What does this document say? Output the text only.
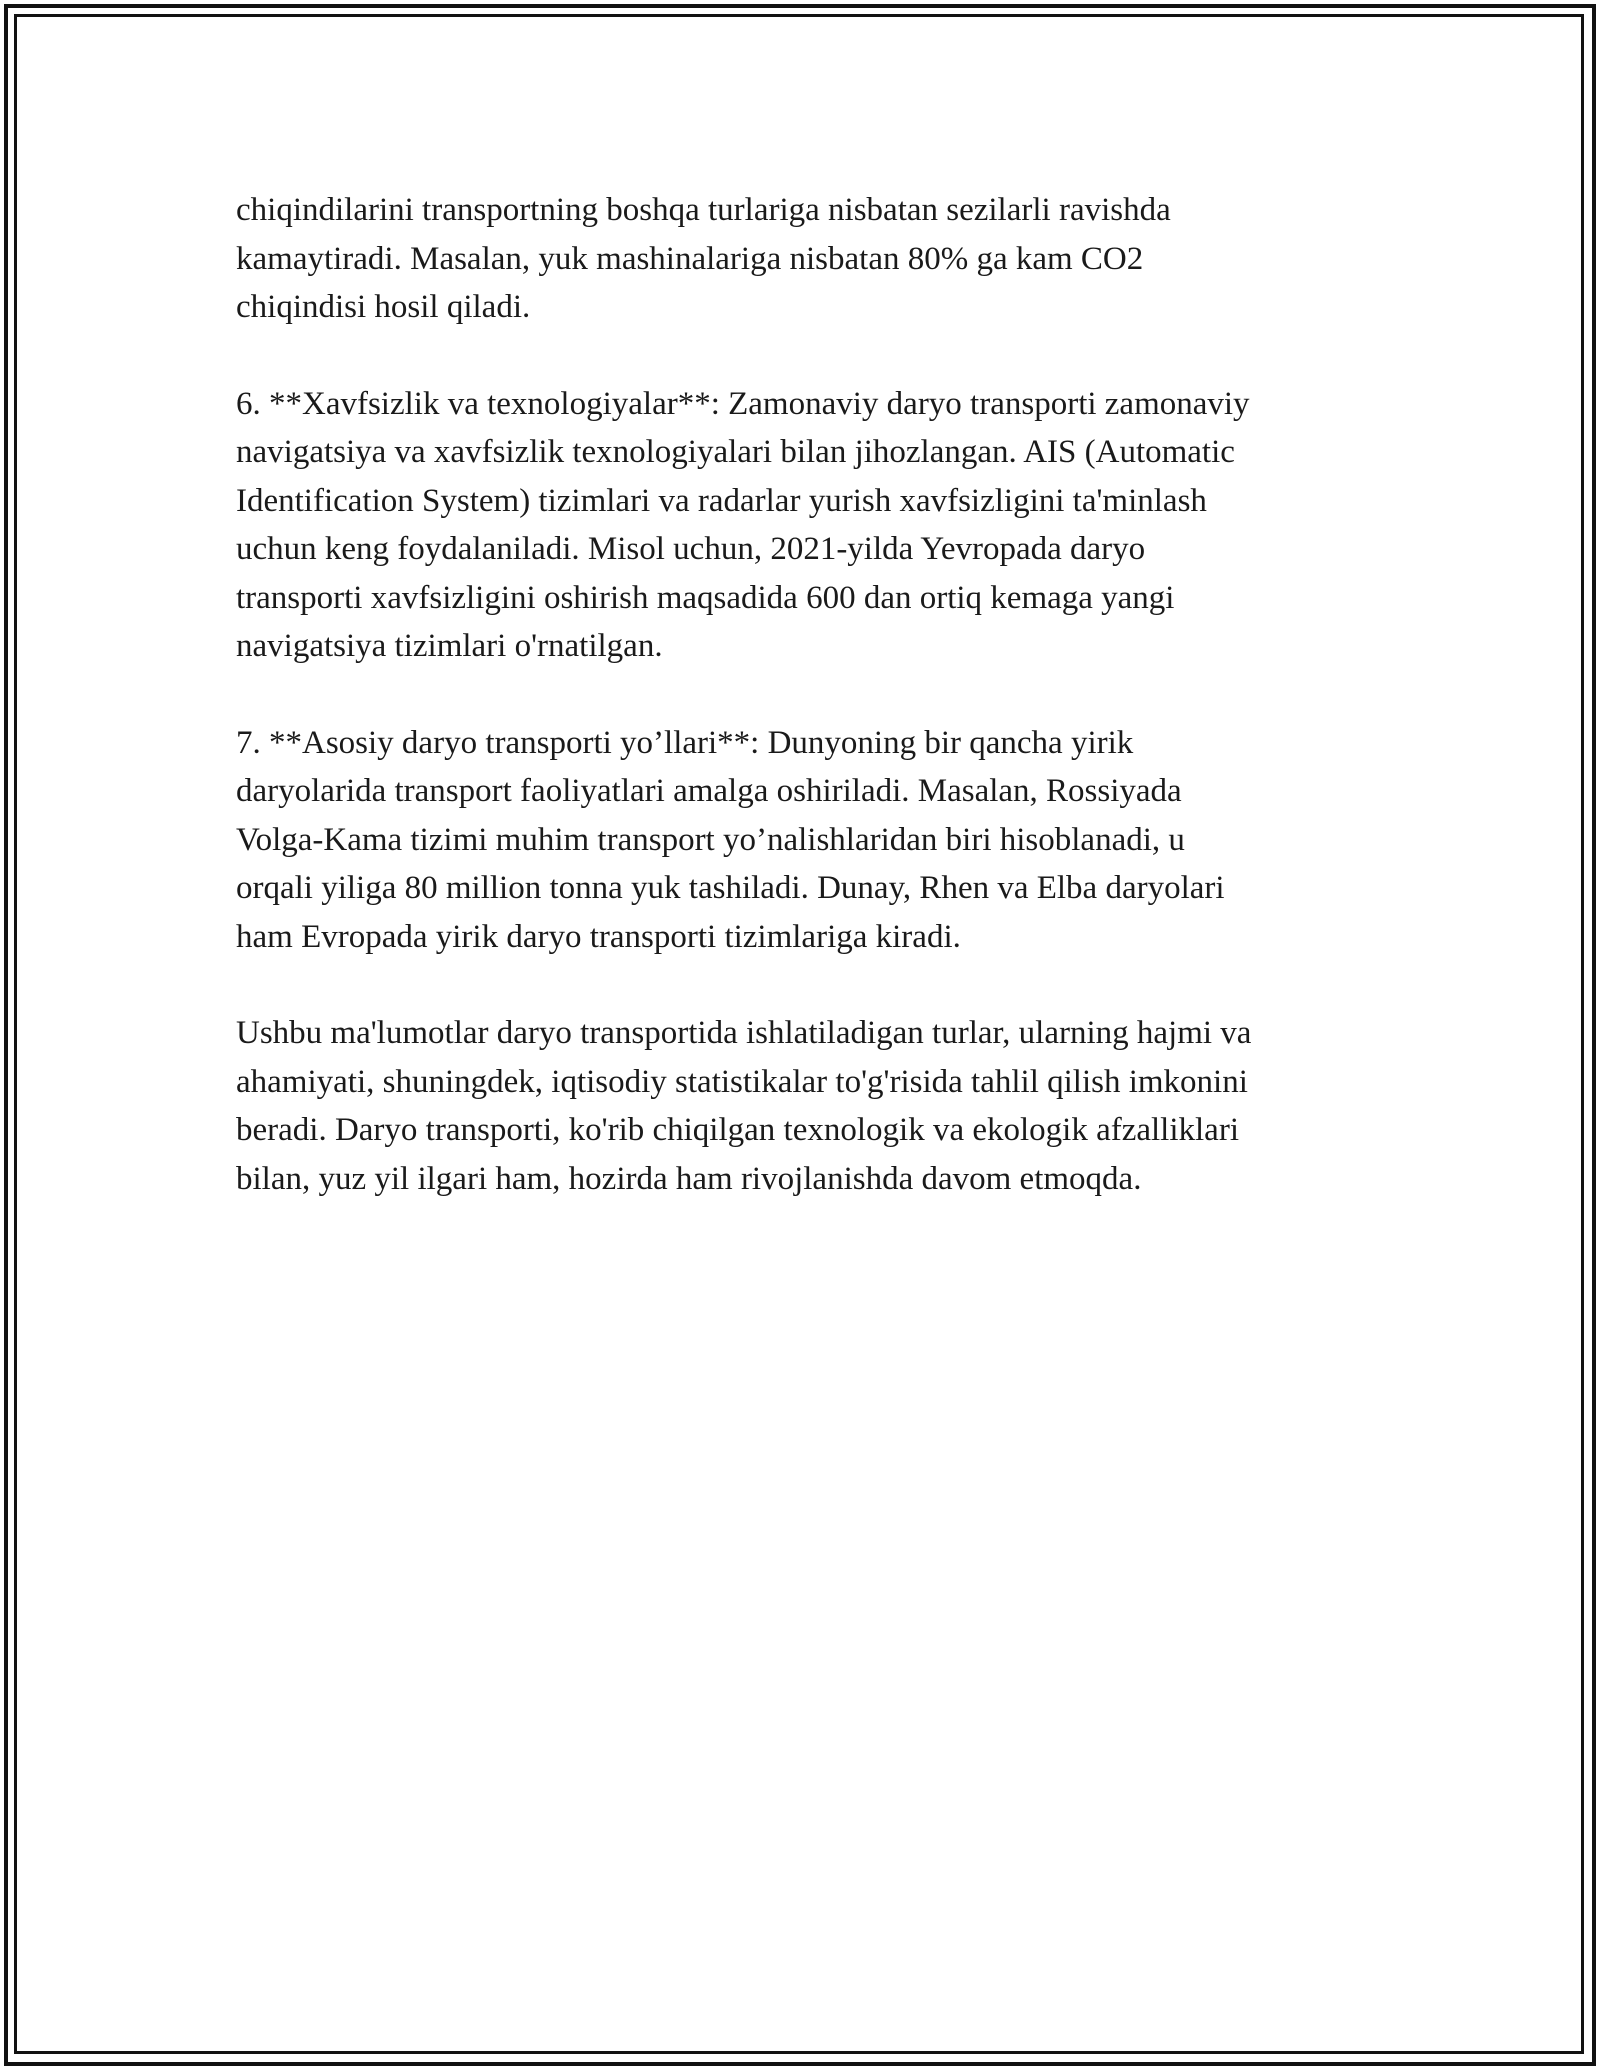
chiqindilarini transportning boshqa turlariga nisbatan sezilarli ravishda
kamaytiradi. Masalan, yuk mashinalariga nisbatan 80% ga kam CO2
chiqindisi hosil qiladi.

6. **Xavfsizlik va texnologiyalar**: Zamonaviy daryo transporti zamonaviy
navigatsiya va xavfsizlik texnologiyalari bilan jihozlangan. AIS (Automatic
Identification System) tizimlari va radarlar yurish xavfsizligini ta'minlash
uchun keng foydalaniladi. Misol uchun, 2021-yilda Yevropada daryo
transporti xavfsizligini oshirish maqsadida 600 dan ortiq kemaga yangi
navigatsiya tizimlari o'rnatilgan.

7. **Asosiy daryo transporti yo’llari**: Dunyoning bir qancha yirik
daryolarida transport faoliyatlari amalga oshiriladi. Masalan, Rossiyada
Volga-Kama tizimi muhim transport yo’nalishlaridan biri hisoblanadi, u
orqali yiliga 80 million tonna yuk tashiladi. Dunay, Rhen va Elba daryolari
ham Evropada yirik daryo transporti tizimlariga kiradi.

Ushbu ma'lumotlar daryo transportida ishlatiladigan turlar, ularning hajmi va
ahamiyati, shuningdek, iqtisodiy statistikalar to'g'risida tahlil qilish imkonini
beradi. Daryo transporti, ko'rib chiqilgan texnologik va ekologik afzalliklari
bilan, yuz yil ilgari ham, hozirda ham rivojlanishda davom etmoqda.
